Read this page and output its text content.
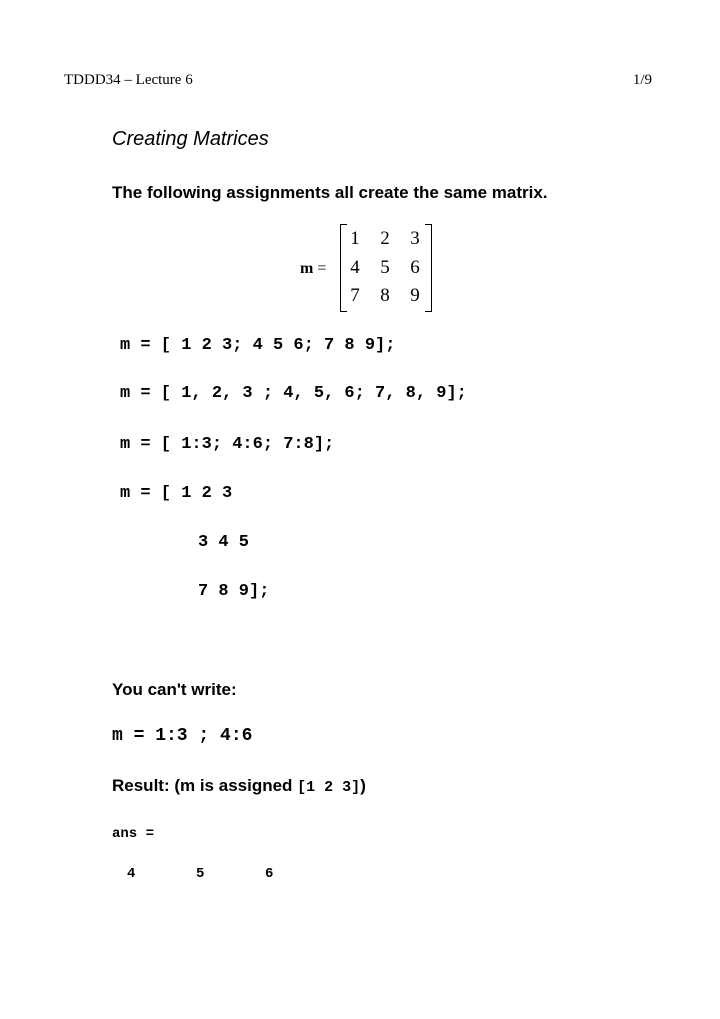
TDDD34 – Lecture 6	1/9
Creating Matrices
The following assignments all create the same matrix.
m =
1 2 3
4 5 6
7 8 9
m = [ 1 2 3; 4 5 6; 7 8 9];
m = [ 1, 2, 3 ; 4, 5, 6; 7, 8, 9];
m = [ 1:3; 4:6; 7:8];
m = [ 1 2 3
3 4 5
7 8 9];
You can't write:
m = 1:3 ; 4:6
Result: (m is assigned [1 2 3])
ans =
4	5	6
